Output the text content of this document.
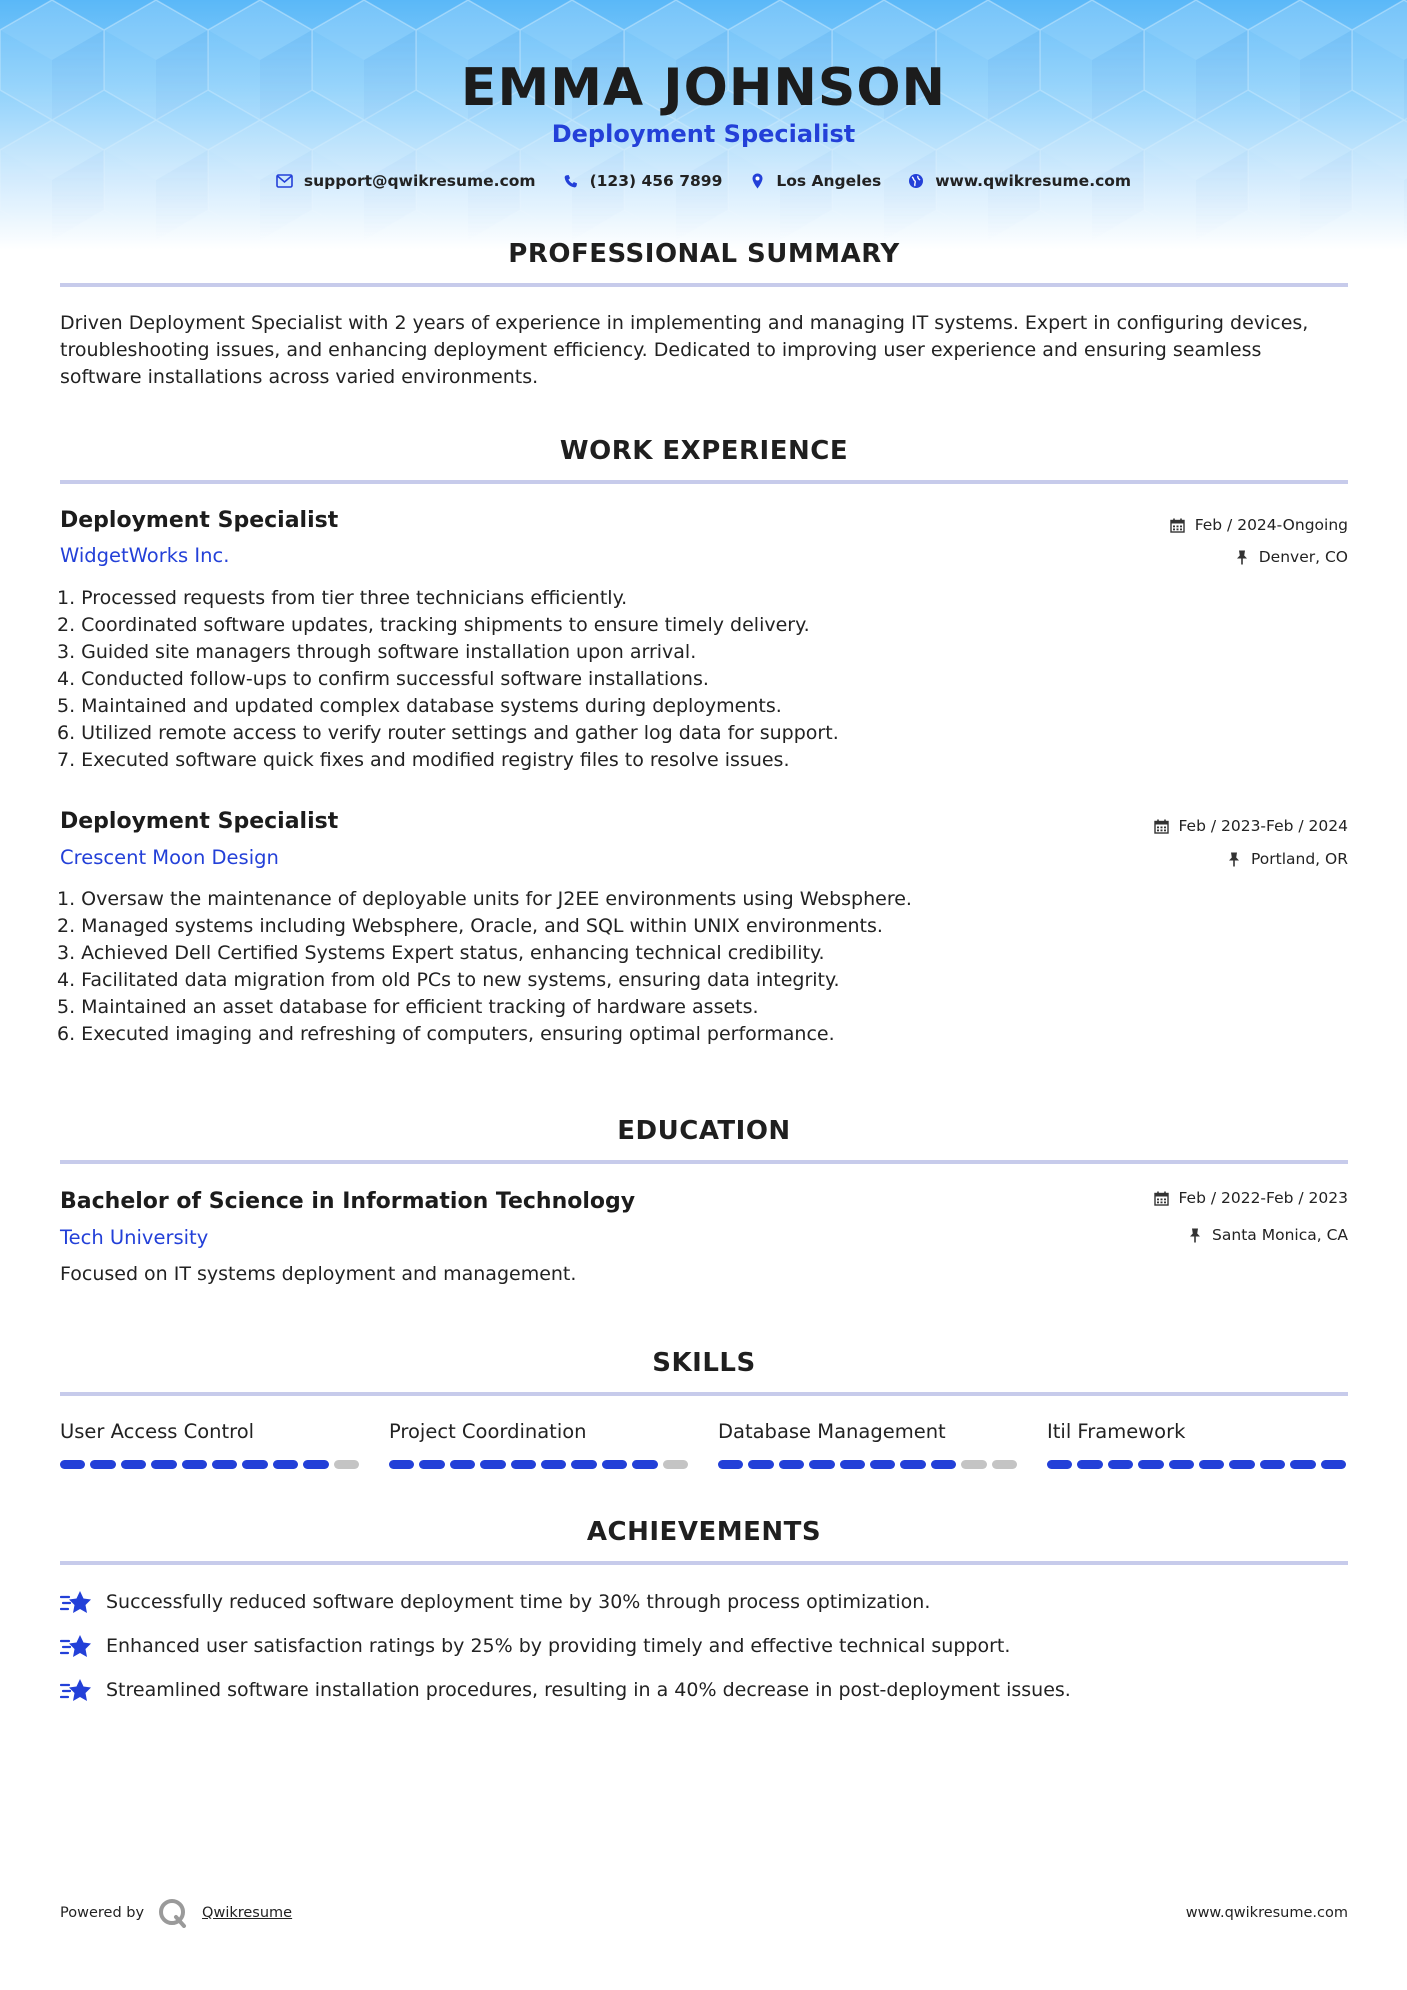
EMMA JOHNSON
Deployment Specialist
support@qwikresume.com	(123) 456 7899	Los Angeles	www.qwikresume.com
PROFESSIONAL SUMMARY
Driven Deployment Specialist with 2 years of experience in implementing and managing IT systems. Expert in configuring devices, troubleshooting issues, and enhancing deployment efficiency. Dedicated to improving user experience and ensuring seamless software installations across varied environments.
WORK EXPERIENCE
Deployment Specialist
WidgetWorks Inc.
Feb / 2024-Ongoing
Denver, CO
1. Processed requests from tier three technicians efficiently.
2. Coordinated software updates, tracking shipments to ensure timely delivery.
3. Guided site managers through software installation upon arrival.
4. Conducted follow-ups to confirm successful software installations.
5. Maintained and updated complex database systems during deployments.
6. Utilized remote access to verify router settings and gather log data for support.
7. Executed software quick fixes and modified registry files to resolve issues.
Deployment Specialist
Crescent Moon Design
Feb / 2023-Feb / 2024
Portland, OR
1. Oversaw the maintenance of deployable units for J2EE environments using Websphere.
2. Managed systems including Websphere, Oracle, and SQL within UNIX environments.
3. Achieved Dell Certified Systems Expert status, enhancing technical credibility.
4. Facilitated data migration from old PCs to new systems, ensuring data integrity.
5. Maintained an asset database for efficient tracking of hardware assets.
6. Executed imaging and refreshing of computers, ensuring optimal performance.
EDUCATION
Bachelor of Science in Information Technology
Tech University
Feb / 2022-Feb / 2023
Santa Monica, CA
Focused on IT systems deployment and management.
SKILLS
User Access Control	Project Coordination	Database Management	Itil Framework
ACHIEVEMENTS
Successfully reduced software deployment time by 30% through process optimization.
Enhanced user satisfaction ratings by 25% by providing timely and effective technical support.
Streamlined software installation procedures, resulting in a 40% decrease in post-deployment issues.
Powered by	Qwikresume	www.qwikresume.com
